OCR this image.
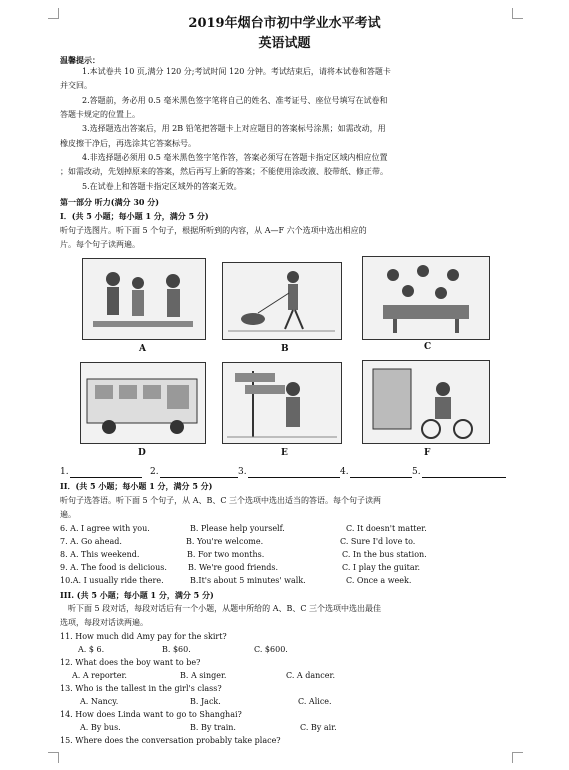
2019年烟台市初中学业水平考试
英语试题
温馨提示：
1.本试卷共 10 页,满分 120 分;考试时间 120 分钟。考试结束后，请将本试卷和答题卡
并交回。
2.答题前，务必用 0.5 毫米黑色签字笔将自己的姓名、准考证号、座位号填写在试卷和
答题卡规定的位置上。
3.选择题选出答案后，用 2B 铅笔把答题卡上对应题目的答案标号涂黑；如需改动，用
橡皮擦干净后，再选涂其它答案标号。
4.非选择题必须用 0.5 毫米黑色签字笔作答，答案必须写在答题卡指定区域内相应位置
；如需改动，先划掉原来的答案，然后再写上新的答案；不能使用涂改液、胶带纸、修正带。
5.在试卷上和答题卡指定区域外的答案无效。
第一部分 听力(满分 30 分)
I．(共 5 小题；每小题 1 分，满分 5 分)
听句子选图片。听下面 5 个句子，根据所听到的内容，从 A—F 六个选项中选出相应的
片。每个句子读两遍。
A	B	C
D	E	F
1.	2.	3.	4.	5.
II．(共 5 小题；每小题 1 分，满分 5 分)
听句子选答语。听下面 5 个句子，从 A、B、C 三个选项中选出适当的答语。每个句子读两
遍。
6. A. I agree with you.	B. Please help yourself.	C. It doesn't matter.
7. A. Go ahead.	B. You're welcome.	C. Sure I'd love to.
8. A. This weekend.	B. For two months.	C. In the bus station.
9. A. The food is delicious.	B. We're good friends.	C. I play the guitar.
10.A. I usually ride there.	B.It's about 5 minutes' walk.	C. Once a week.
III. (共 5 小题；每小题 1 分，满分 5 分)
听下面 5 段对话，每段对话后有一个小题，从题中所给的 A、B、C 三个选项中选出最佳
选项，每段对话读两遍。
11. How much did Amy pay for the skirt?
A. $ 6.	B. $60.	C. $600.
12. What does the boy want to be?
A. A reporter.	B. A singer.	C. A dancer.
13. Who is the tallest in the girl's class?
A. Nancy.	B. Jack.	C. Alice.
14. How does Linda want to go to Shanghai?
A. By bus.	B. By train.	C. By air.
15. Where does the conversation probably take place?
